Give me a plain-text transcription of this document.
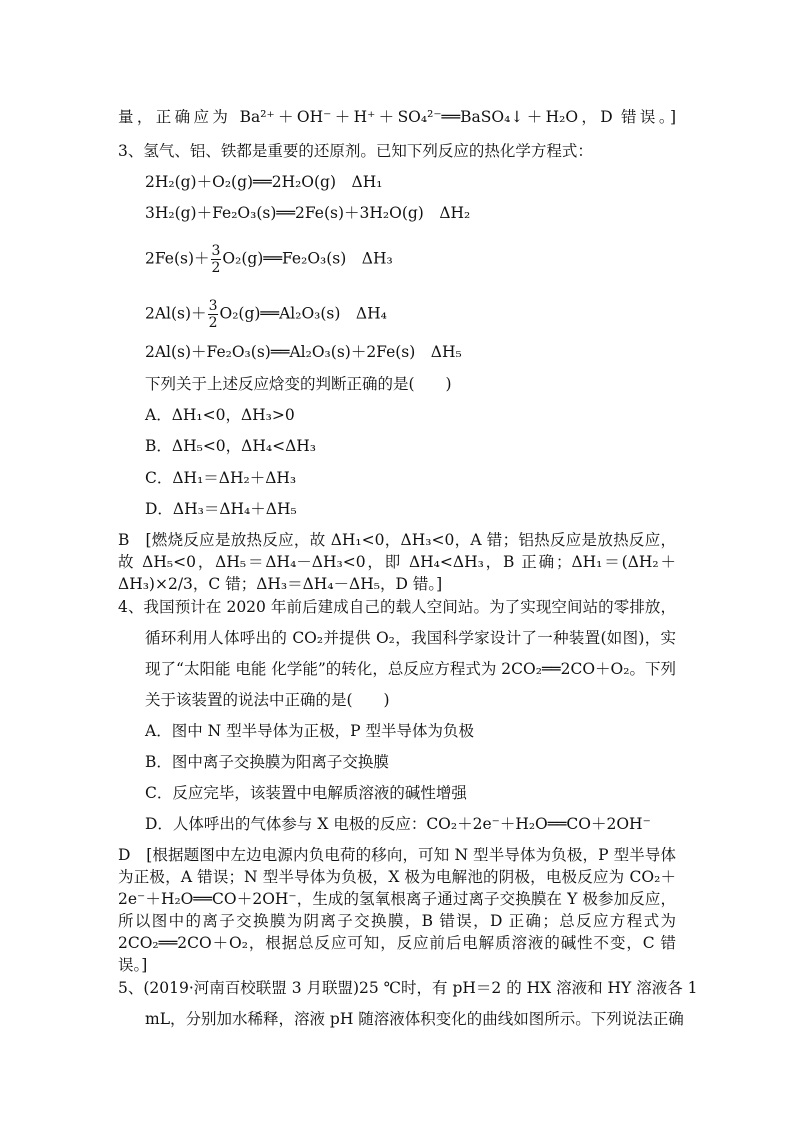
量，正确应为 Ba²⁺＋OH⁻＋H⁺＋SO₄²⁻══BaSO₄↓＋H₂O，D 错误。]
3、氢气、铝、铁都是重要的还原剂。已知下列反应的热化学方程式：
2H₂(g)＋O₂(g)══2H₂O(g)　ΔH₁
3H₂(g)＋Fe₂O₃(s)══2Fe(s)＋3H₂O(g)　ΔH₂
$2Fe(s)+ \frac{3}{2}$ O₂(g)══Fe₂O₃(s)　ΔH₃
$2Al(s)+ \frac{3}{2}$ O₂(g)══Al₂O₃(s)　ΔH₄
2Al(s)＋Fe₂O₃(s)══Al₂O₃(s)＋2Fe(s)　ΔH₅
下列关于上述反应焓变的判断正确的是(　　)
A．ΔH₁<0，ΔH₃>0
B．ΔH₅<0，ΔH₄<ΔH₃
C．ΔH₁＝ΔH₂＋ΔH₃
D．ΔH₃＝ΔH₄＋ΔH₅
B　[燃烧反应是放热反应，故 ΔH₁<0，ΔH₃<0，A 错；铝热反应是放热反应，
故 ΔH₅<0，ΔH₅＝ΔH₄－ΔH₃<0，即 ΔH₄<ΔH₃，B 正确；ΔH₁＝(ΔH₂＋
ΔH₃)×2/3，C 错；ΔH₃＝ΔH₄－ΔH₅，D 错。]
4、我国预计在 2020 年前后建成自己的载人空间站。为了实现空间站的零排放，
循环利用人体呼出的 CO₂并提供 O₂，我国科学家设计了一种装置(如图)，实
现了“太阳能 电能 化学能”的转化，总反应方程式为 2CO₂══2CO＋O₂。下列
关于该装置的说法中正确的是(　　)
A．图中 N 型半导体为正极，P 型半导体为负极
B．图中离子交换膜为阳离子交换膜
C．反应完毕，该装置中电解质溶液的碱性增强
D．人体呼出的气体参与 X 电极的反应：CO₂＋2e⁻＋H₂O══CO＋2OH⁻
D　[根据题图中左边电源内负电荷的移向，可知 N 型半导体为负极，P 型半导体
为正极，A 错误；N 型半导体为负极，X 极为电解池的阴极，电极反应为 CO₂＋
2e⁻＋H₂O══CO＋2OH⁻，生成的氢氧根离子通过离子交换膜在 Y 极参加反应，
所以图中的离子交换膜为阴离子交换膜，B 错误，D 正确；总反应方程式为
2CO₂══2CO＋O₂，根据总反应可知，反应前后电解质溶液的碱性不变，C 错
误。]
5、(2019·河南百校联盟 3 月联盟)25 ℃时，有 pH＝2 的 HX 溶液和 HY 溶液各 1
mL，分别加水稀释，溶液 pH 随溶液体积变化的曲线如图所示。下列说法正确
